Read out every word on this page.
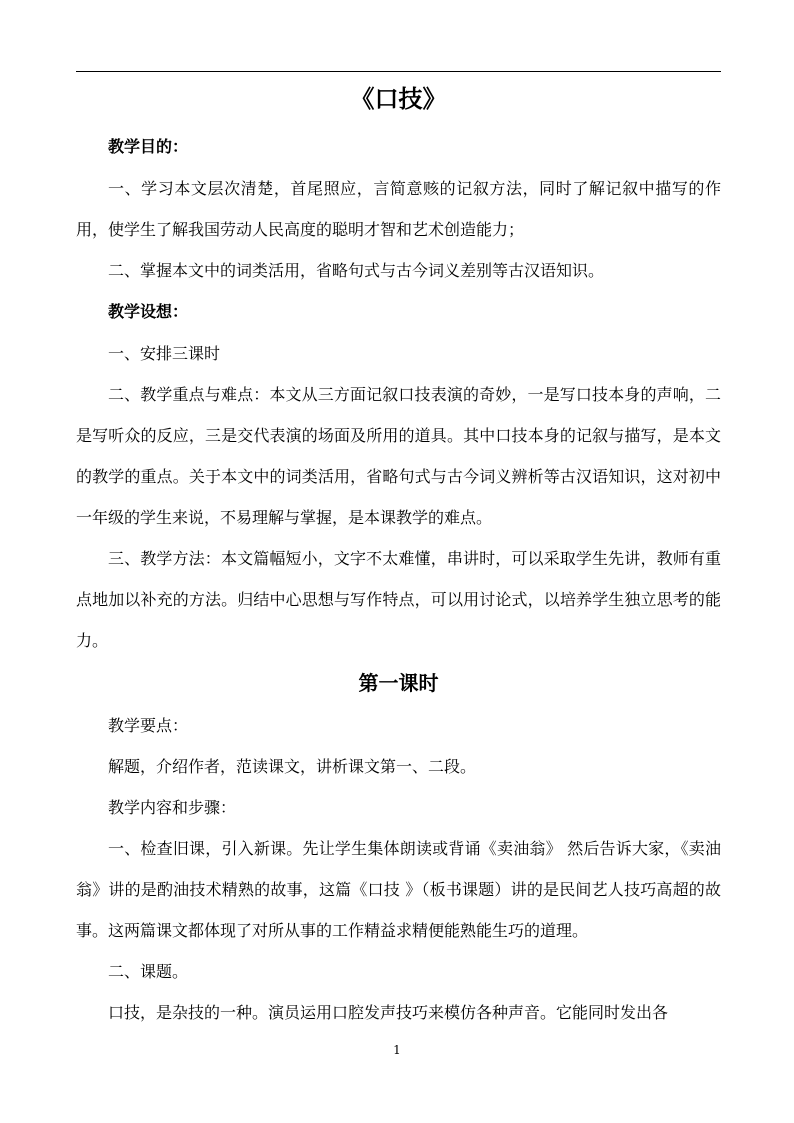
《口技》

教学目的：

一、学习本文层次清楚，首尾照应，言简意赅的记叙方法，同时了解记叙中描写的作用，使学生了解我国劳动人民高度的聪明才智和艺术创造能力；

二、掌握本文中的词类活用，省略句式与古今词义差别等古汉语知识。

教学设想：

一、安排三课时

二、教学重点与难点：本文从三方面记叙口技表演的奇妙，一是写口技本身的声响，二是写听众的反应，三是交代表演的场面及所用的道具。其中口技本身的记叙与描写，是本文的教学的重点。关于本文中的词类活用，省略句式与古今词义辨析等古汉语知识，这对初中一年级的学生来说，不易理解与掌握，是本课教学的难点。

三、教学方法：本文篇幅短小，文字不太难懂，串讲时，可以采取学生先讲，教师有重点地加以补充的方法。归结中心思想与写作特点，可以用讨论式，以培养学生独立思考的能力。

第一课时

教学要点：

解题，介绍作者，范读课文，讲析课文第一、二段。

教学内容和步骤：

一、检查旧课，引入新课。先让学生集体朗读或背诵《卖油翁》 然后告诉大家，《卖油翁》讲的是酌油技术精熟的故事，这篇《口技 》（板书课题）讲的是民间艺人技巧高超的故事。这两篇课文都体现了对所从事的工作精益求精便能熟能生巧的道理。

二、课题。

口技，是杂技的一种。演员运用口腔发声技巧来模仿各种声音。它能同时发出各

1
